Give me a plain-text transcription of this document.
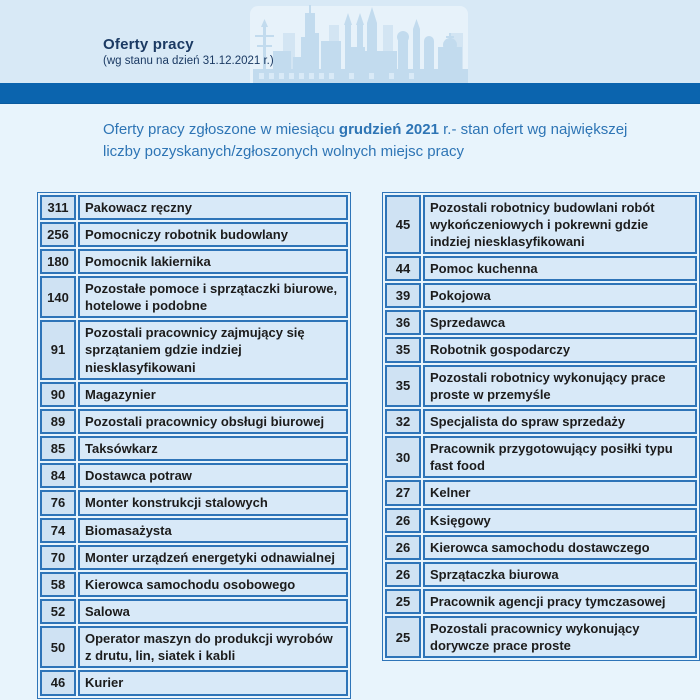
Oferty pracy
(wg stanu na dzień 31.12.2021 r.)

Oferty pracy zgłoszone w miesiącu grudzień 2021 r.- stan ofert wg największej liczby pozyskanych/zgłoszonych wolnych miejsc pracy

311	Pakowacz ręczny
256	Pomocniczy robotnik budowlany
180	Pomocnik lakiernika
140	Pozostałe pomoce i sprzątaczki biurowe, hotelowe i podobne
91	Pozostali pracownicy zajmujący się sprzątaniem gdzie indziej niesklasyfikowani
90	Magazynier
89	Pozostali pracownicy obsługi biurowej
85	Taksówkarz
84	Dostawca potraw
76	Monter konstrukcji stalowych
74	Biomasażysta
70	Monter urządzeń energetyki odnawialnej
58	Kierowca samochodu osobowego
52	Salowa
50	Operator maszyn do produkcji wyrobów z drutu, lin, siatek i kabli
46	Kurier
45	Pozostali robotnicy budowlani robót wykończeniowych i pokrewni gdzie indziej niesklasyfikowani
44	Pomoc kuchenna
39	Pokojowa
36	Sprzedawca
35	Robotnik gospodarczy
35	Pozostali robotnicy wykonujący prace proste w przemyśle
32	Specjalista do spraw sprzedaży
30	Pracownik przygotowujący posiłki typu fast food
27	Kelner
26	Księgowy
26	Kierowca samochodu dostawczego
26	Sprzątaczka biurowa
25	Pracownik agencji pracy tymczasowej
25	Pozostali pracownicy wykonujący dorywcze prace proste
